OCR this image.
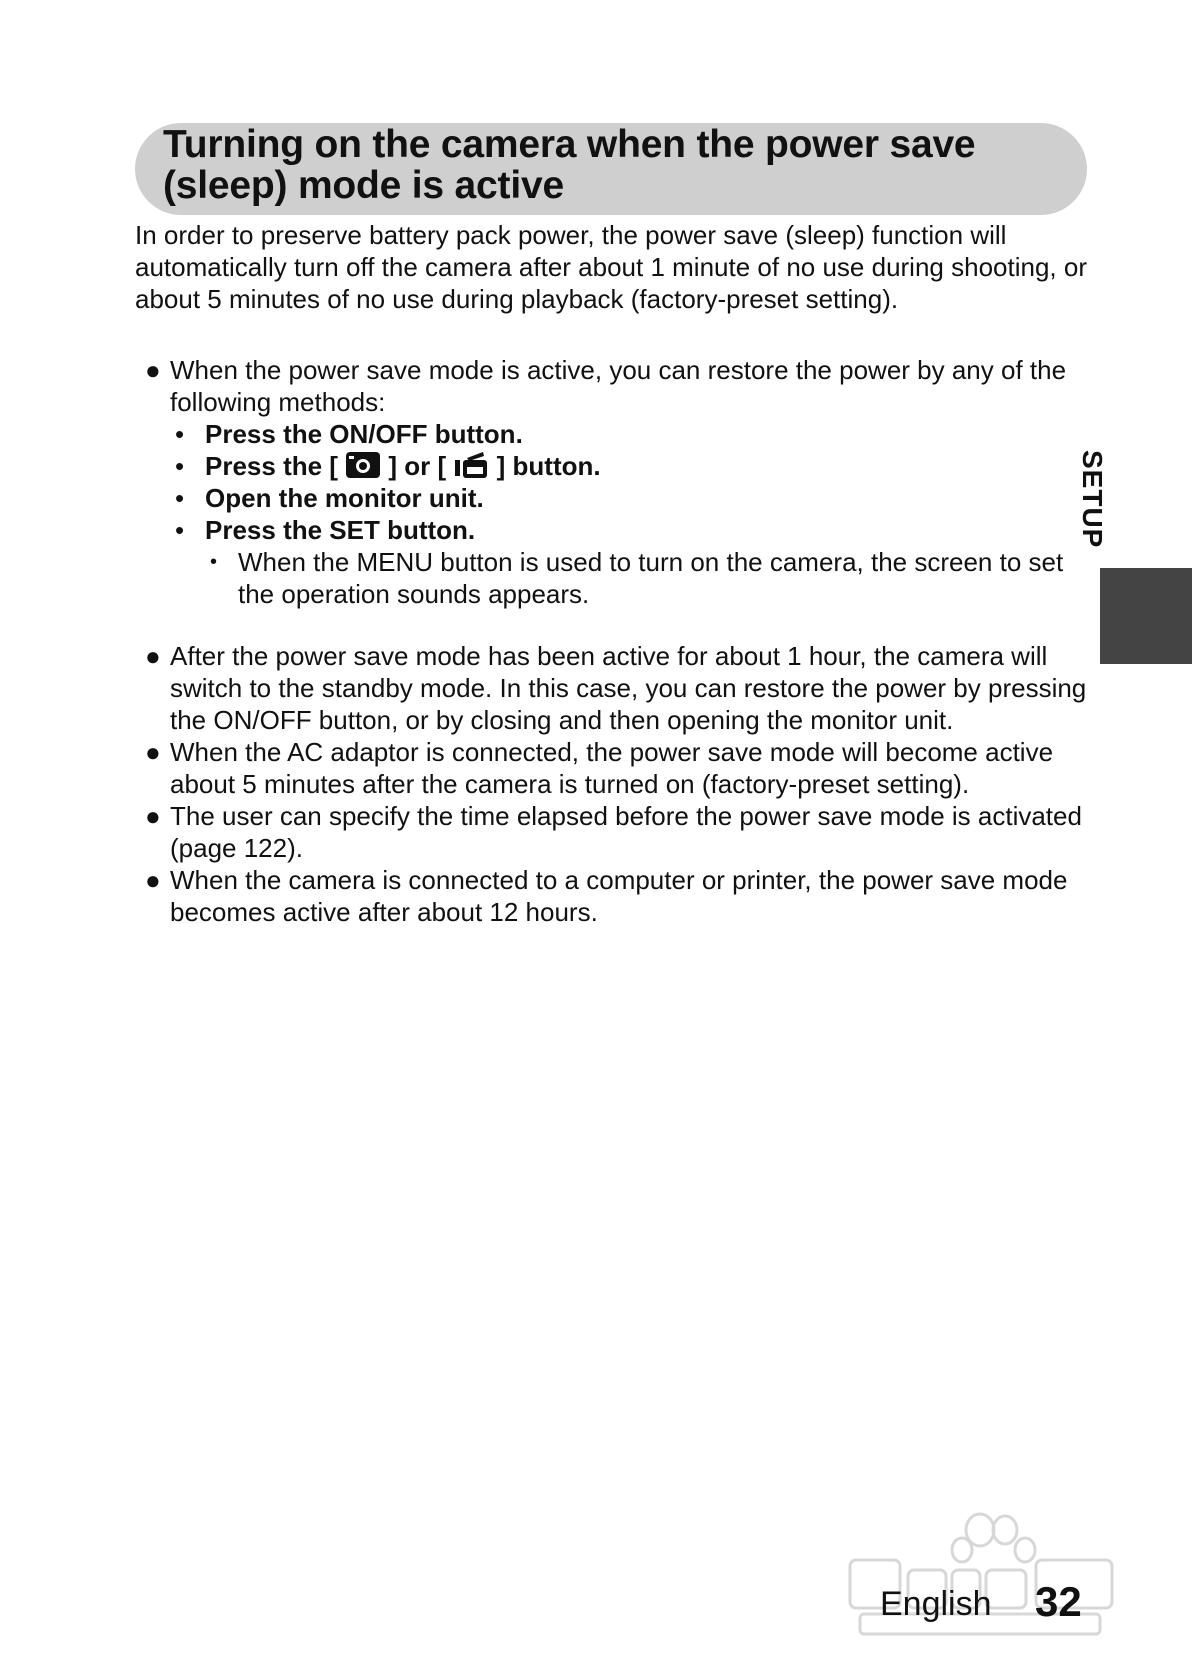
Turning on the camera when the power save (sleep) mode is active

In order to preserve battery pack power, the power save (sleep) function will automatically turn off the camera after about 1 minute of no use during shooting, or about 5 minutes of no use during playback (factory-preset setting).

● When the power save mode is active, you can restore the power by any of the following methods:

• Press the ON/OFF button.

• Press the [ ] or [ ] button.

• Open the monitor unit.

• Press the SET button.

• When the MENU button is used to turn on the camera, the screen to set the operation sounds appears.

● After the power save mode has been active for about 1 hour, the camera will switch to the standby mode. In this case, you can restore the power by pressing the ON/OFF button, or by closing and then opening the monitor unit.

● When the AC adaptor is connected, the power save mode will become active about 5 minutes after the camera is turned on (factory-preset setting).

● The user can specify the time elapsed before the power save mode is activated (page 122).

● When the camera is connected to a computer or printer, the power save mode becomes active after about 12 hours.

SETUP
English 32
